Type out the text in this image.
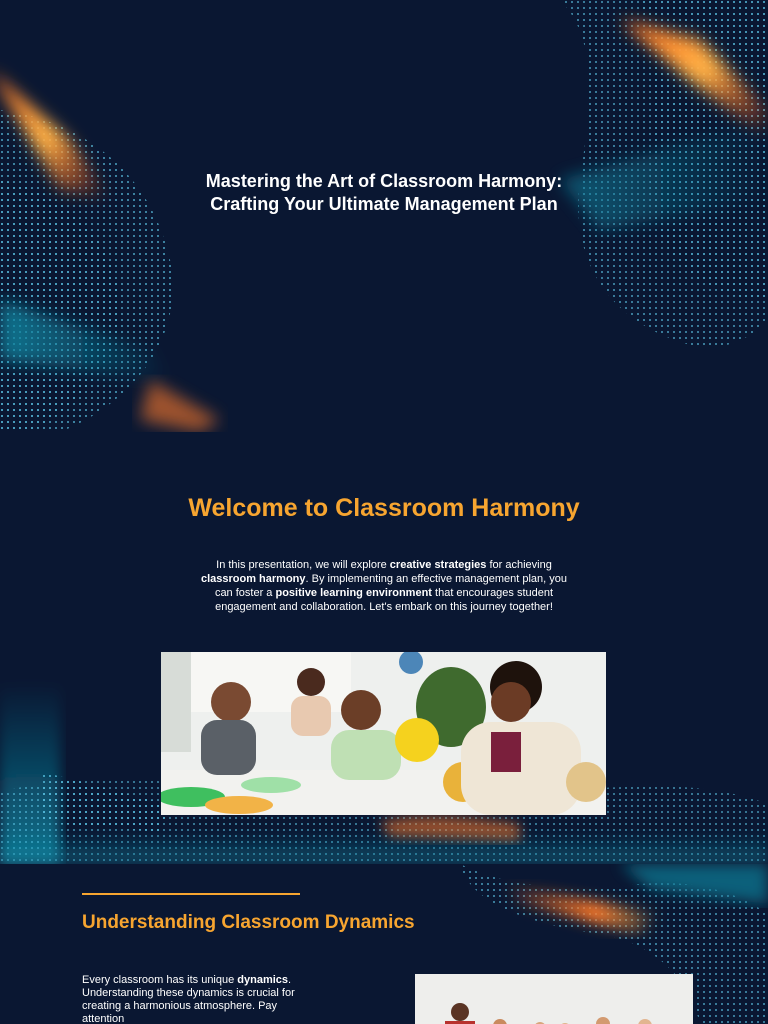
Mastering the Art of Classroom Harmony: Crafting Your Ultimate Management Plan
Welcome to Classroom Harmony

In this presentation, we will explore creative strategies for achieving classroom harmony. By implementing an effective management plan, you can foster a positive learning environment that encourages student engagement and collaboration. Let's embark on this journey together!

Understanding Classroom Dynamics

Every classroom has its unique dynamics. Understanding these dynamics is crucial for creating a harmonious atmosphere. Pay attention
